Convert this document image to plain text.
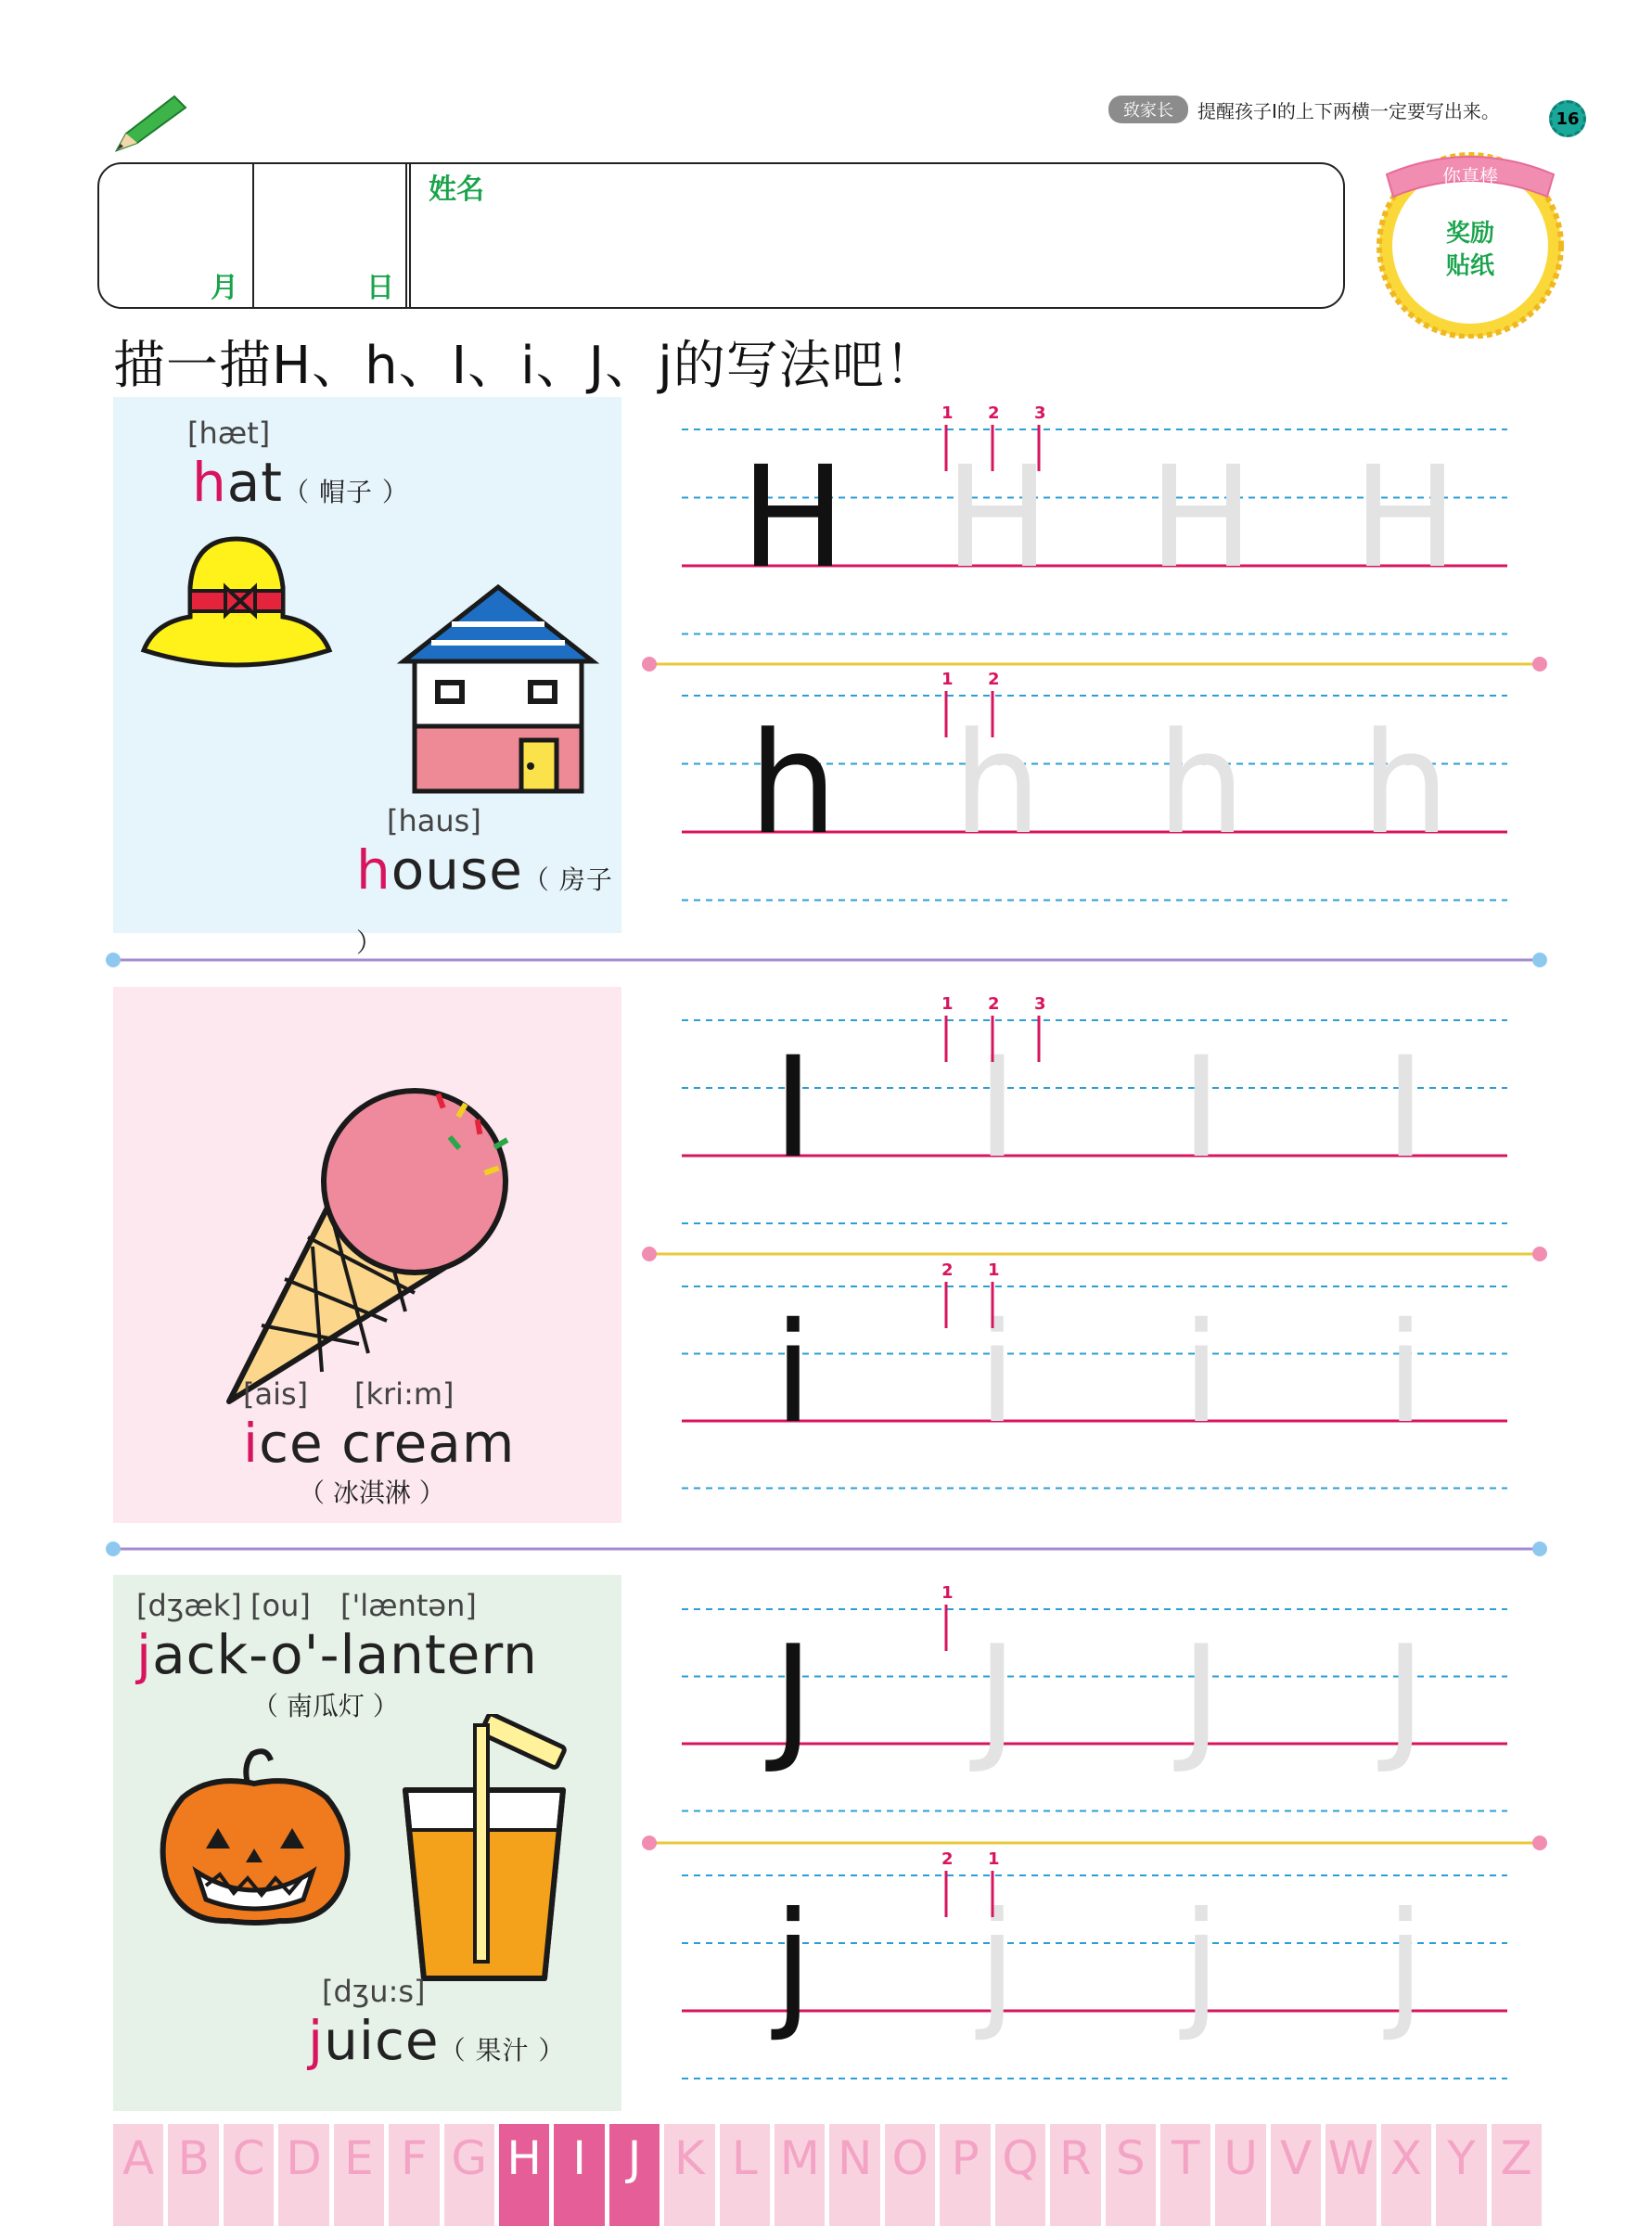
致家长	提醒孩子I的上下两横一定要写出来。	16
月	日
姓名	你真棒
奖励
贴纸
描一描H、h、I、i、J、j的写法吧！
[hæt]
hat（ 帽子 ）
[haus]
house（ 房子 ）
[ais] [kri:m]
ice cream
（ 冰淇淋 ）
[dʒæk] [ou] ['læntən]
jack-o'-lantern
（ 南瓜灯 ）
[dʒu:s]
juice（ 果汁 ）
H H H H
1 2 3
h h h h
1 2
I I I I
1 2 3
i i i i
2 1
J J J J
1
j j j j
2 1
A B C D E F G H I J K L M N O P Q R S T U V W X Y Z
